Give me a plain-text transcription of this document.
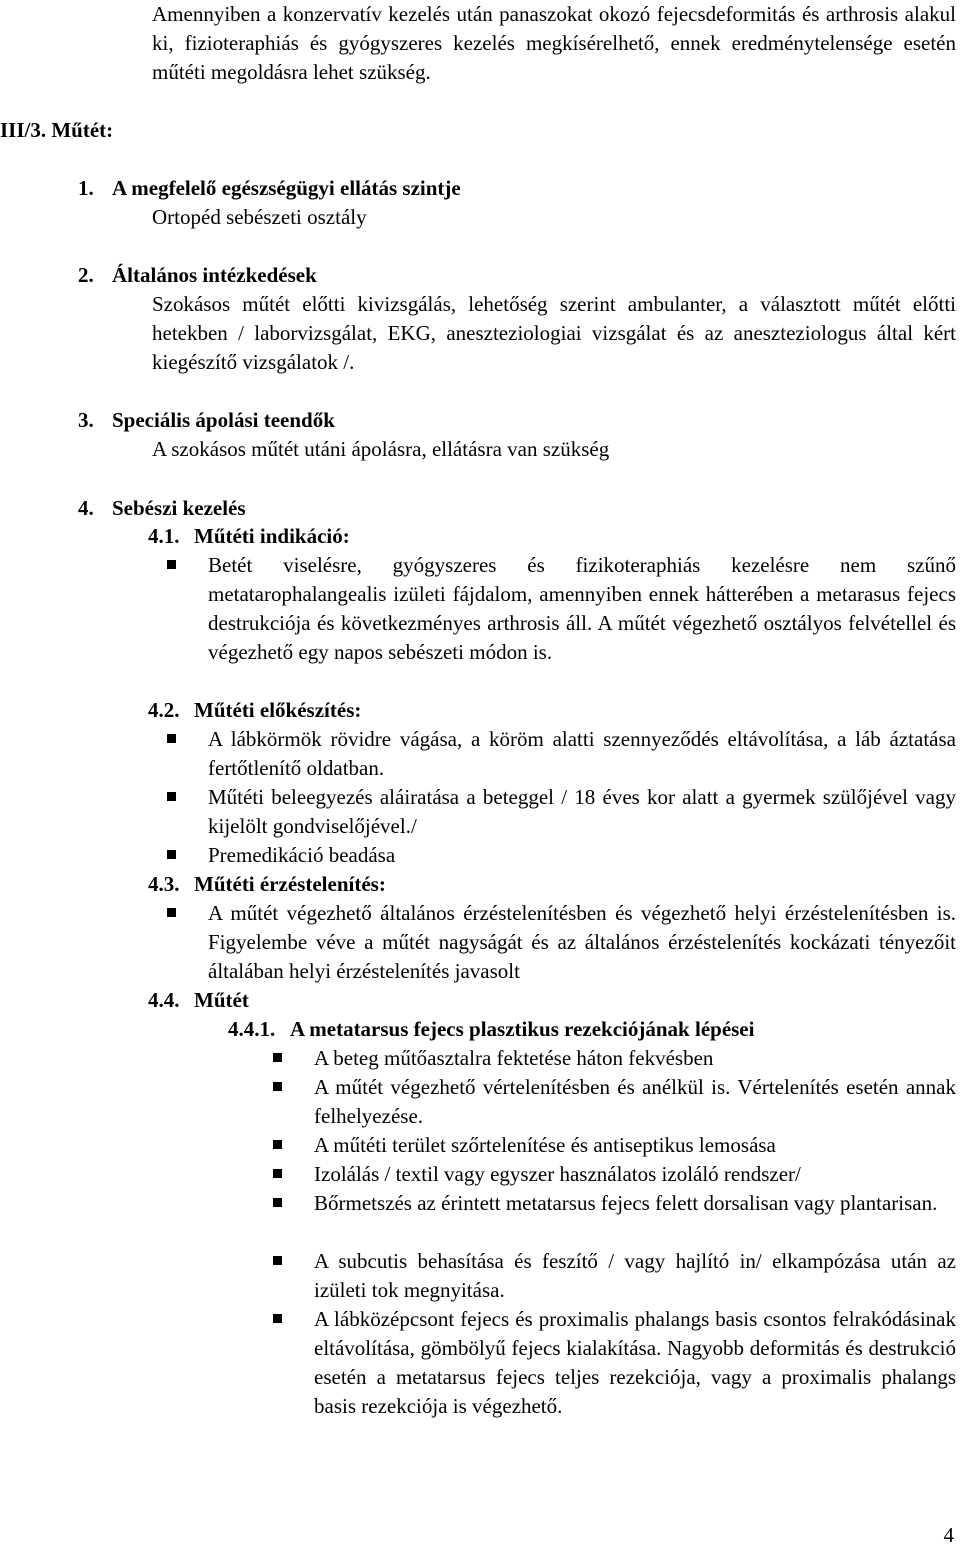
Amennyiben a konzervatív kezelés után panaszokat okozó fejecsdeformitás és arthrosis alakul ki, fizioteraphiás és gyógyszeres kezelés megkísérelhető, ennek eredménytelensége esetén műtéti megoldásra lehet szükség.
III/3. Műtét:
1. A megfelelő egészségügyi ellátás szintje
Ortopéd sebészeti osztály
2. Általános intézkedések
Szokásos műtét előtti kivizsgálás, lehetőség szerint ambulanter, a választott műtét előtti hetekben / laborvizsgálat, EKG, aneszteziologiai vizsgálat és az aneszteziologus által kért kiegészítő vizsgálatok /.
3. Speciális ápolási teendők
A szokásos műtét utáni ápolásra, ellátásra van szükség
4. Sebészi kezelés
4.1. Műtéti indikáció:
Betét viselésre, gyógyszeres és fizikoteraphiás kezelésre nem szűnő metatarophalangealis izületi fájdalom, amennyiben ennek hátterében a metarasus fejecs destrukciója és következményes arthrosis áll. A műtét végezhető osztályos felvétellel és végezhető egy napos sebészeti módon is.
4.2. Műtéti előkészítés:
A lábkörmök rövidre vágása, a köröm alatti szennyeződés eltávolítása, a láb áztatása fertőtlenítő oldatban.
Műtéti beleegyezés aláiratása a beteggel / 18 éves kor alatt a gyermek szülőjével vagy kijelölt gondviselőjével./
Premedikáció beadása
4.3. Műtéti érzéstelenítés:
A műtét végezhető általános érzéstelenítésben és végezhető helyi érzéstelenítésben is. Figyelembe véve a műtét nagyságát és az általános érzéstelenítés kockázati tényezőit általában helyi érzéstelenítés javasolt
4.4. Műtét
4.4.1. A metatarsus fejecs plasztikus rezekciójának lépései
A beteg műtőasztalra fektetése háton fekvésben
A műtét végezhető vértelenítésben és anélkül is. Vértelenítés esetén annak felhelyezése.
A műtéti terület szőrtelenítése és antiseptikus lemosása
Izolálás / textil vagy egyszer használatos izoláló rendszer/
Bőrmetszés az érintett metatarsus fejecs felett dorsalisan vagy plantarisan.
A subcutis behasítása és feszítő / vagy hajlító in/ elkampózása után az izületi tok megnyitása.
A lábközépcsont fejecs és proximalis phalangs basis csontos felrakódásinak eltávolítása, gömbölyű fejecs kialakítása. Nagyobb deformitás és destrukció esetén a metatarsus fejecs teljes rezekciója, vagy a proximalis phalangs basis rezekciója is végezhető.
4
